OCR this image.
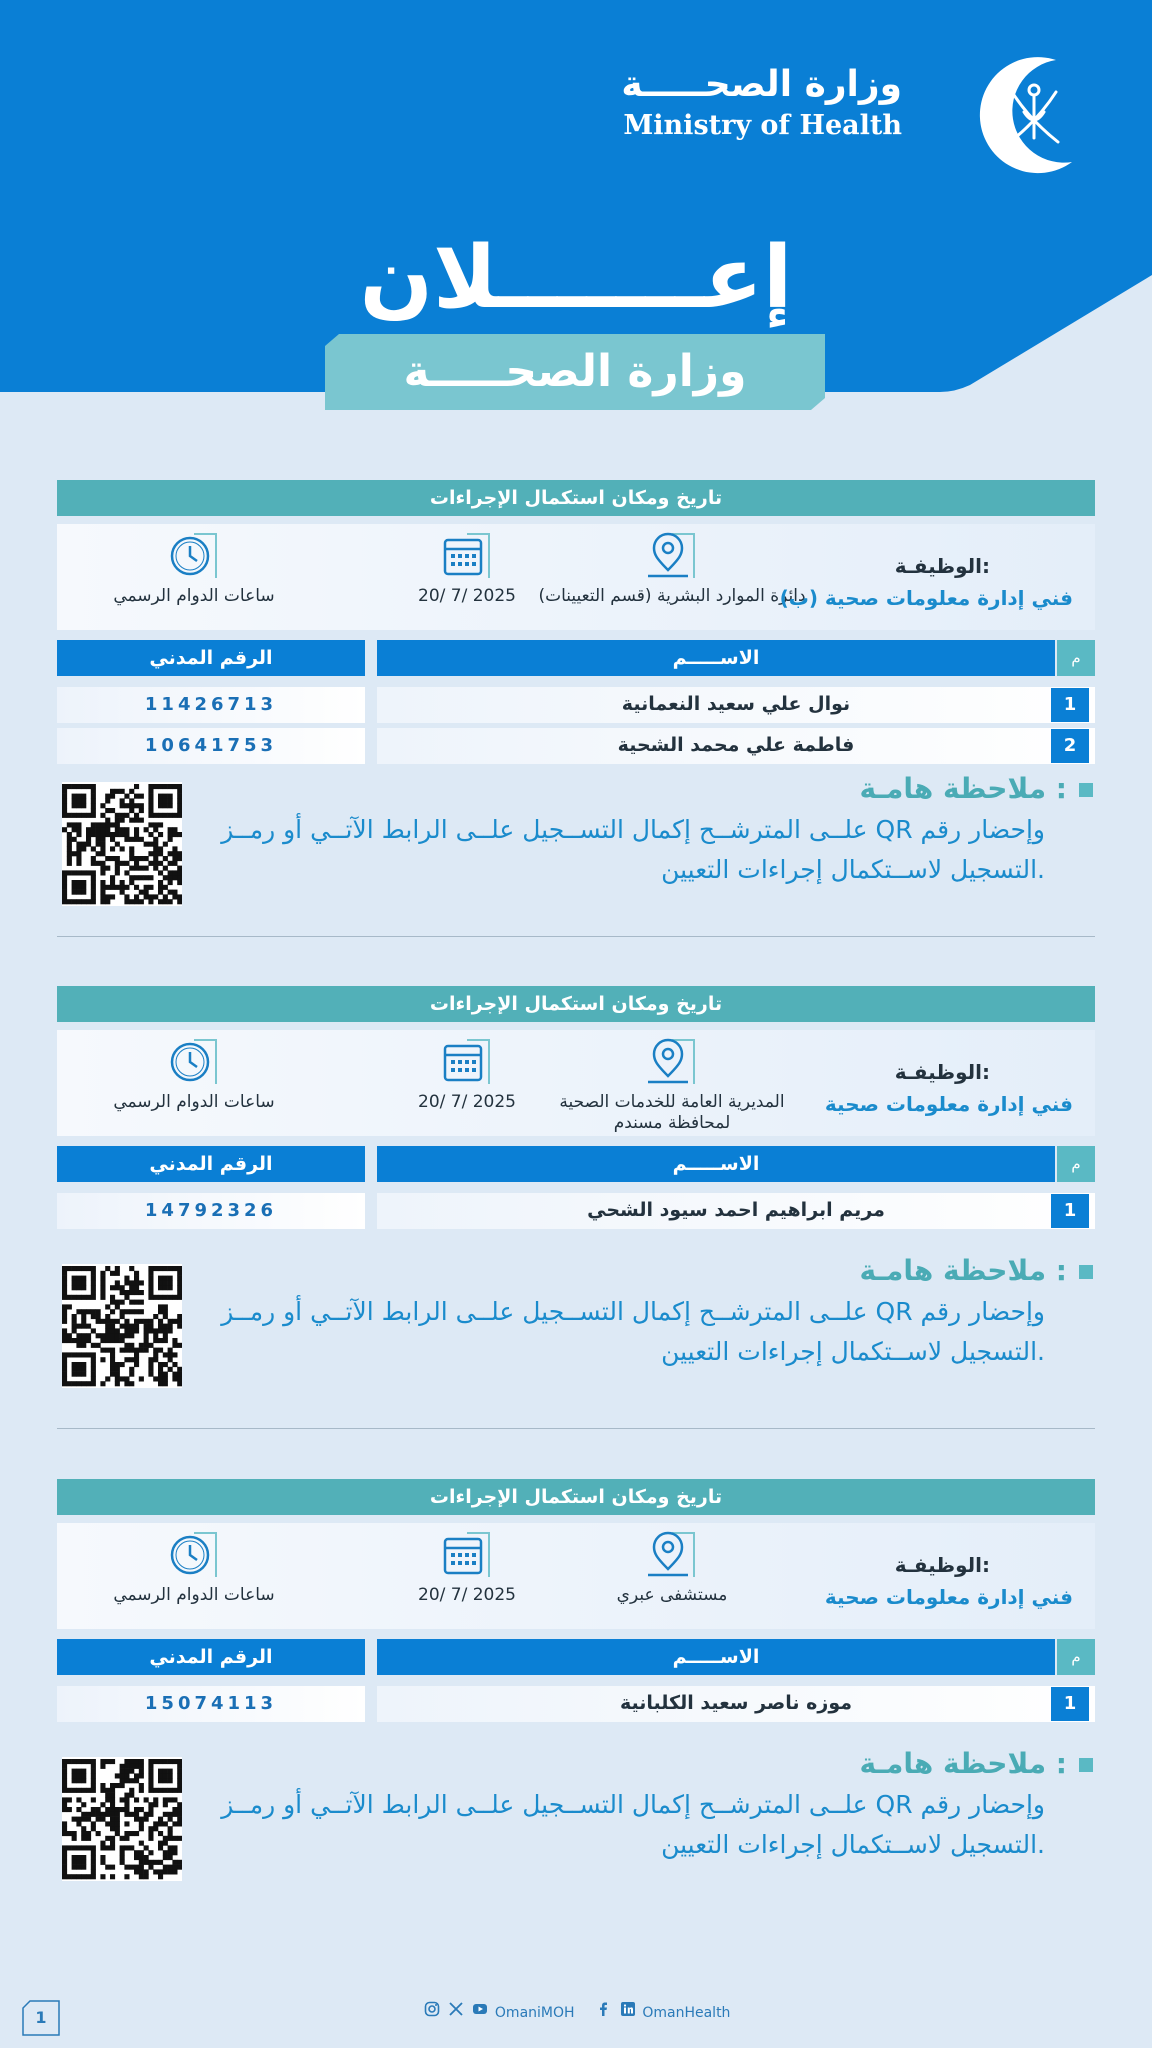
وزارة الصحـــــة
Ministry of Health
إعـــــــلان
وزارة الصحـــــة
تاريخ ومكان استكمال الإجراءات
ساعات الدوام الرسمي	20/ 7/ 2025	دائرة الموارد البشرية (قسم التعيينات)
الوظيفـة:
فني إدارة معلومات صحية (ب)
الرقم المدني	الاســـــم	م
11426713	نوال علي سعيد النعمانية	1
10641753	فاطمة علي محمد الشحية	2
ملاحظة هامـة :
علــى المترشــح إكمال التســجيل علــى الرابط الآتــي أو رمــز QR وإحضار رقم
التسجيل لاســتكمال إجراءات التعيين.
تاريخ ومكان استكمال الإجراءات
ساعات الدوام الرسمي	20/ 7/ 2025	المديرية العامة للخدمات الصحية لمحافظة مسندم
الوظيفـة:
فني إدارة معلومات صحية
الرقم المدني	الاســـــم	م
14792326	مريم ابراهيم احمد سيود الشحي	1
ملاحظة هامـة :
علــى المترشــح إكمال التســجيل علــى الرابط الآتــي أو رمــز QR وإحضار رقم
التسجيل لاســتكمال إجراءات التعيين.
تاريخ ومكان استكمال الإجراءات
ساعات الدوام الرسمي	20/ 7/ 2025	مستشفى عبري
الوظيفـة:
فني إدارة معلومات صحية
الرقم المدني	الاســـــم	م
15074113	موزه ناصر سعيد الكلبانية	1
ملاحظة هامـة :
علــى المترشــح إكمال التســجيل علــى الرابط الآتــي أو رمــز QR وإحضار رقم
التسجيل لاســتكمال إجراءات التعيين.
OmaniMOH	OmanHealth
1
